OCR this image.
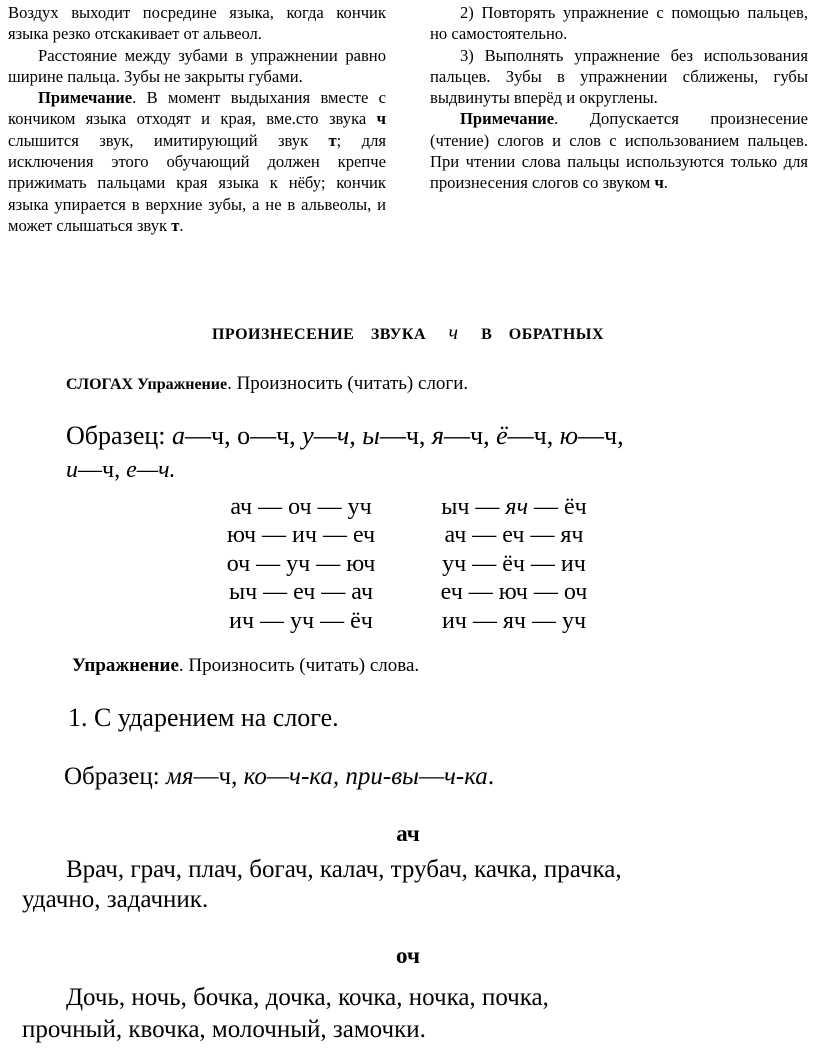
Воздух выходит посредине языка, когда кончик языка резко отскакивает от альвеол.

Расстояние между зубами в упражнении равно ширине пальца. Зубы не закрыты губами.

Примечание. В момент выдыхания вместе с кончиком языка отходят и края, вме.сто звука ч слышится звук, имитирующий звук т; для исключения этого обучающий должен крепче прижимать пальцами края языка к нёбу; кончик языка упирается в верхние зубы, а не в альвеолы, и может слышаться звук т.

2) Повторять упражнение с помощью пальцев, но самостоятельно.

3) Выполнять упражнение без использования пальцев. Зубы в упражнении сближены, губы выдвинуты вперёд и округлены.

Примечание. Допускается произнесение (чтение) слогов и слов с использованием пальцев. При чтении слова пальцы используются только для произнесения слогов со звуком ч.

ПРОИЗНЕСЕНИЕ ЗВУКА ч В ОБРАТНЫХ
СЛОГАХ Упражнение. Произносить (читать) слоги.
Образец: а—ч, о—ч, у—ч, ы—ч, я—ч, ё—ч, ю—ч,
и—ч, е—ч.
ач — оч — уч
юч — ич — еч
оч — уч — юч
ыч — еч — ач
ич — уч — ёч
ыч — яч — ёч
ач — еч — яч
уч — ёч — ич
еч — юч — оч
ич — яч — уч
Упражнение. Произносить (читать) слова.
1. С ударением на слоге.
Образец: мя—ч, ко—ч-ка, при-вы—ч-ка.
ач
Врач, грач, плач, богач, калач, трубач, качка, прачка,
удачно, задачник.
оч
Дочь, ночь, бочка, дочка, кочка, ночка, почка,
прочный, квочка, молочный, замочки.
